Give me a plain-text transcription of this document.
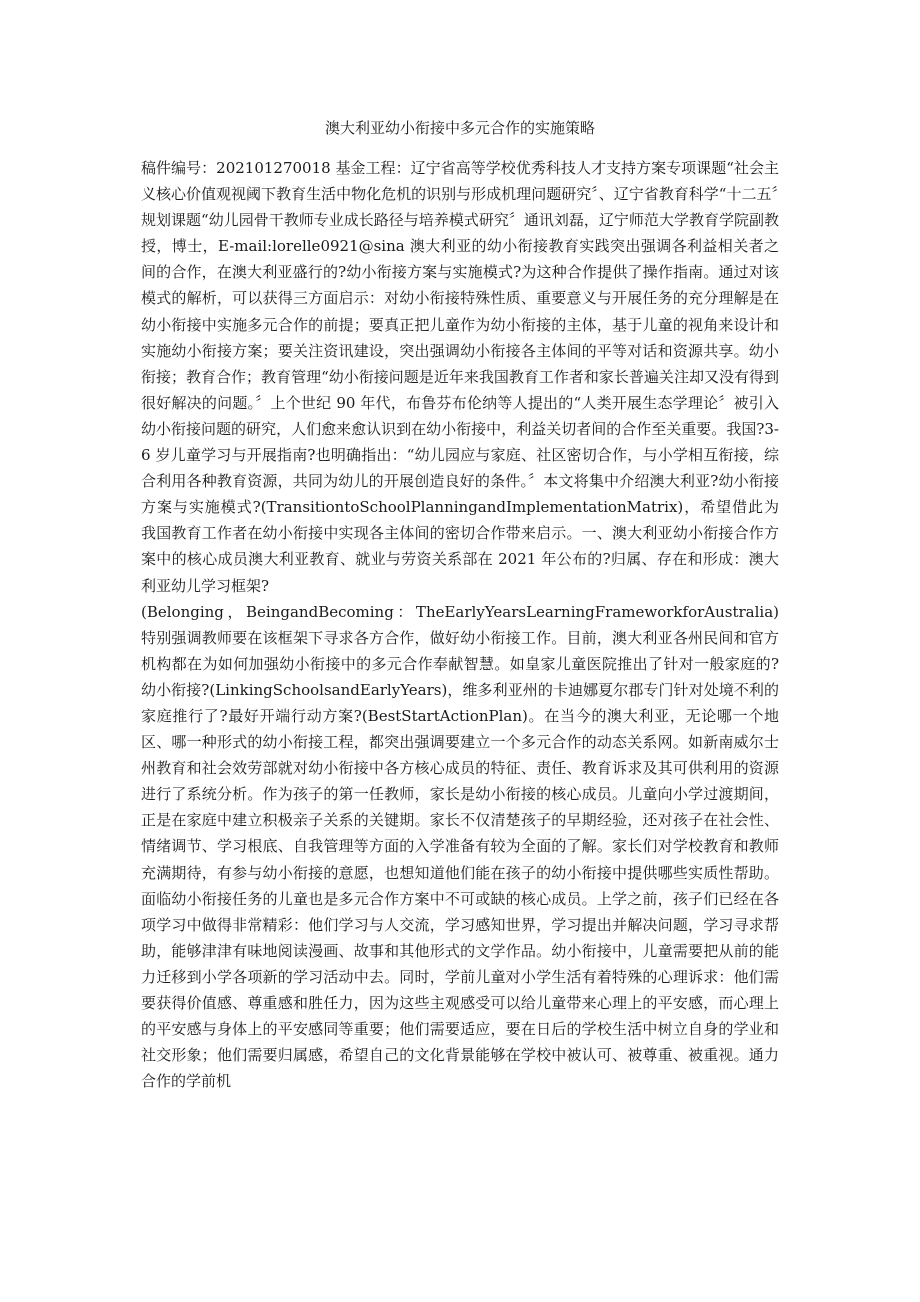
澳大利亚幼小衔接中多元合作的实施策略

稿件编号：202101270018 基金工程：辽宁省高等学校优秀科技人才支持方案专项课题“社会主义核心价值观视阈下教育生活中物化危机的识别与形成机理问题研究〞、辽宁省教育科学“十二五〞规划课题“幼儿园骨干教师专业成长路径与培养模式研究〞通讯刘磊，辽宁师范大学教育学院副教授，博士，E-mail:lorelle0921@sina 澳大利亚的幼小衔接教育实践突出强调各利益相关者之间的合作，在澳大利亚盛行的?幼小衔接方案与实施模式?为这种合作提供了操作指南。通过对该模式的解析，可以获得三方面启示：对幼小衔接特殊性质、重要意义与开展任务的充分理解是在幼小衔接中实施多元合作的前提；要真正把儿童作为幼小衔接的主体，基于儿童的视角来设计和实施幼小衔接方案；要关注资讯建设，突出强调幼小衔接各主体间的平等对话和资源共享。幼小衔接；教育合作；教育管理“幼小衔接问题是近年来我国教育工作者和家长普遍关注却又没有得到很好解决的问题。〞上个世纪 90 年代，布鲁芬布伦纳等人提出的“人类开展生态学理论〞被引入幼小衔接问题的研究，人们愈来愈认识到在幼小衔接中，利益关切者间的合作至关重要。我国?3-6 岁儿童学习与开展指南?也明确指出：“幼儿园应与家庭、社区密切合作，与小学相互衔接，综合利用各种教育资源，共同为幼儿的开展创造良好的条件。〞本文将集中介绍澳大利亚?幼小衔接方案与实施模式?(TransitiontoSchoolPlanningandImplementationMatrix)，希望借此为我国教育工作者在幼小衔接中实现各主体间的密切合作带来启示。一、澳大利亚幼小衔接合作方案中的核心成员澳大利亚教育、就业与劳资关系部在 2021 年公布的?归属、存在和形成：澳大利亚幼儿学习框架?

(Belonging，BeingandBecoming：TheEarlyYearsLearningFrameworkforAustralia)特别强调教师要在该框架下寻求各方合作，做好幼小衔接工作。目前，澳大利亚各州民间和官方机构都在为如何加强幼小衔接中的多元合作奉献智慧。如皇家儿童医院推出了针对一般家庭的?幼小衔接?(LinkingSchoolsandEarlyYears)，维多利亚州的卡迪娜夏尔郡专门针对处境不利的家庭推行了?最好开端行动方案?(BestStartActionPlan)。在当今的澳大利亚，无论哪一个地区、哪一种形式的幼小衔接工程，都突出强调要建立一个多元合作的动态关系网。如新南威尔士州教育和社会效劳部就对幼小衔接中各方核心成员的特征、责任、教育诉求及其可供利用的资源进行了系统分析。作为孩子的第一任教师，家长是幼小衔接的核心成员。儿童向小学过渡期间，正是在家庭中建立积极亲子关系的关键期。家长不仅清楚孩子的早期经验，还对孩子在社会性、情绪调节、学习根底、自我管理等方面的入学准备有较为全面的了解。家长们对学校教育和教师充满期待，有参与幼小衔接的意愿，也想知道他们能在孩子的幼小衔接中提供哪些实质性帮助。面临幼小衔接任务的儿童也是多元合作方案中不可或缺的核心成员。上学之前，孩子们已经在各项学习中做得非常精彩：他们学习与人交流，学习感知世界，学习提出并解决问题，学习寻求帮助，能够津津有味地阅读漫画、故事和其他形式的文学作品。幼小衔接中，儿童需要把从前的能力迁移到小学各项新的学习活动中去。同时，学前儿童对小学生活有着特殊的心理诉求：他们需要获得价值感、尊重感和胜任力，因为这些主观感受可以给儿童带来心理上的平安感，而心理上的平安感与身体上的平安感同等重要；他们需要适应，要在日后的学校生活中树立自身的学业和社交形象；他们需要归属感，希望自己的文化背景能够在学校中被认可、被尊重、被重视。通力合作的学前机
